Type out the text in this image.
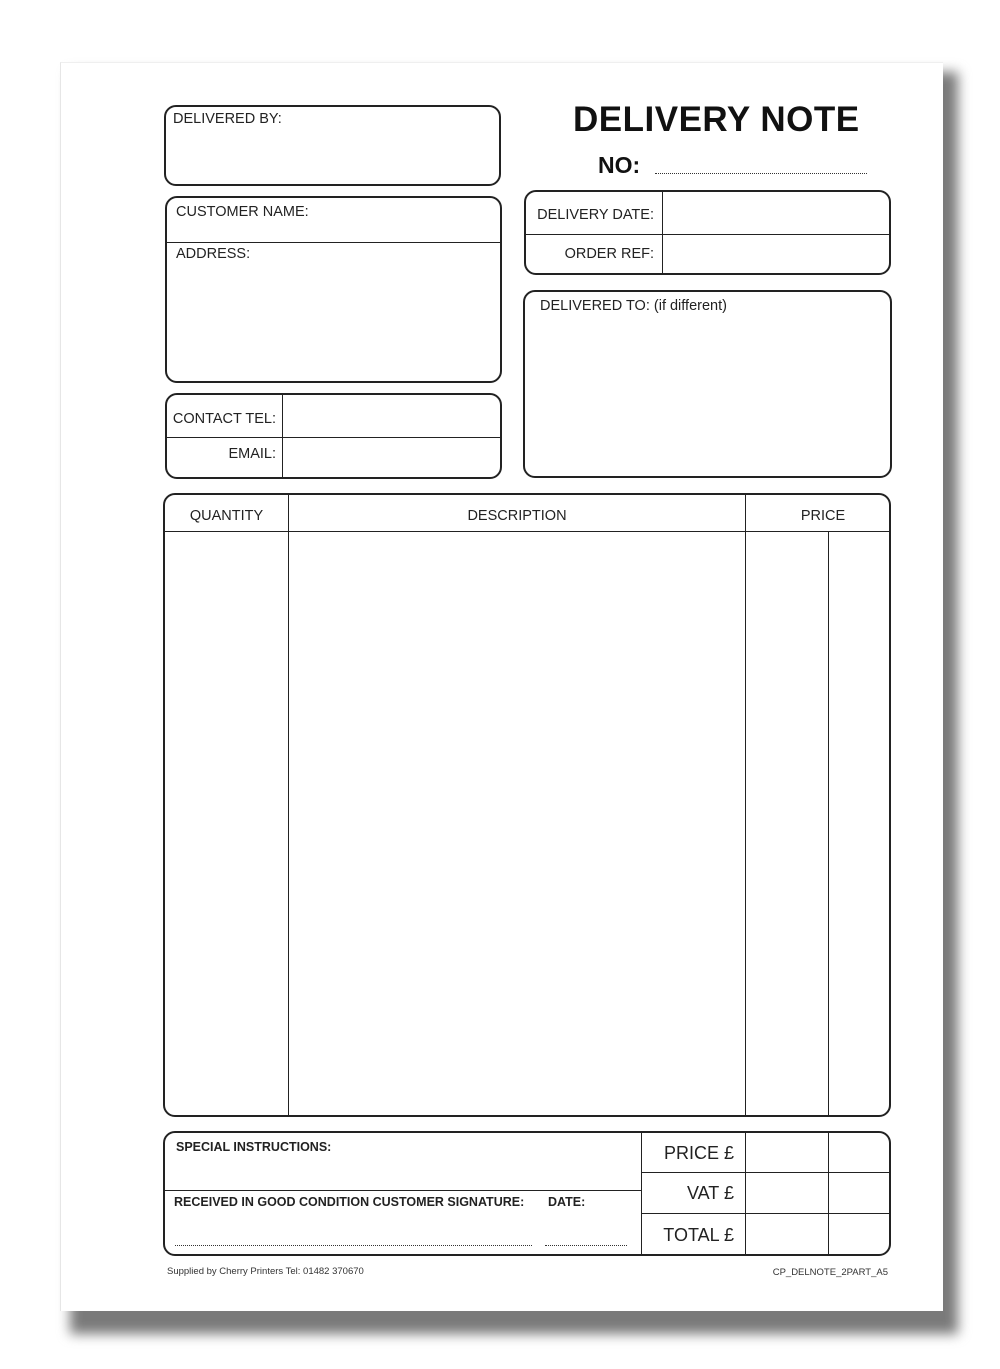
DELIVERY NOTE
NO:
DELIVERED BY:
CUSTOMER NAME:
ADDRESS:
CONTACT TEL:
EMAIL:
DELIVERY DATE:
ORDER REF:
DELIVERED TO: (if different)
QUANTITY	DESCRIPTION	PRICE
SPECIAL INSTRUCTIONS:
RECEIVED IN GOOD CONDITION CUSTOMER SIGNATURE: DATE:
PRICE £
VAT £
TOTAL £
Supplied by Cherry Printers Tel: 01482 370670	CP_DELNOTE_2PART_A5
